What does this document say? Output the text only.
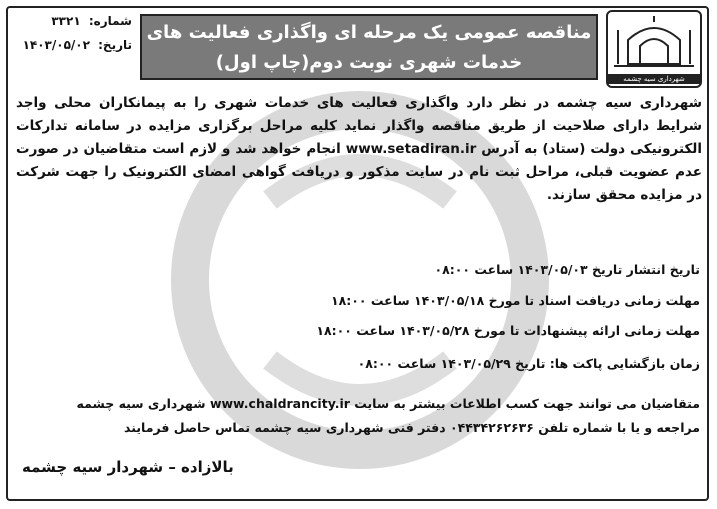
شهرداری سیه چشمه
مناقصه عمومی یک مرحله ای واگذاری فعالیت های
خدمات شهری نوبت دوم(چاپ اول)
شماره: ۳۳۲۱
تاریخ: ۱۴۰۳/۰۵/۰۲
شهرداری سیه چشمه در نظر دارد واگذاری فعالیت های خدمات شهری را به پیمانکاران محلی واجد شرایط دارای صلاحیت از طریق مناقصه واگذار نماید کلیه مراحل برگزاری مزایده در سامانه تدارکات الکترونیکی دولت (ستاد) به آدرس www.setadiran.ir انجام خواهد شد و لازم است متقاضیان در صورت عدم عضویت قبلی، مراحل ثبت نام در سایت مذکور و دریافت گواهی امضای الکترونیک را جهت شرکت در مزایده محقق سازند.
تاریخ انتشار تاریخ ۱۴۰۳/۰۵/۰۳ ساعت ۰۸:۰۰
مهلت زمانی دریافت اسناد تا مورخ ۱۴۰۳/۰۵/۱۸ ساعت ۱۸:۰۰
مهلت زمانی ارائه پیشنهادات تا مورخ ۱۴۰۳/۰۵/۲۸ ساعت ۱۸:۰۰
زمان بازگشایی پاکت ها: تاریخ ۱۴۰۳/۰۵/۲۹ ساعت ۰۸:۰۰
متقاضیان می توانند جهت کسب اطلاعات بیشتر به سایت www.chaldrancity.ir شهرداری سیه چشمه
مراجعه و یا با شماره تلفن ۰۴۴۳۴۲۶۲۶۳۶ دفتر فنی شهرداری سیه چشمه تماس حاصل فرمایند
بالازاده – شهردار سیه چشمه
